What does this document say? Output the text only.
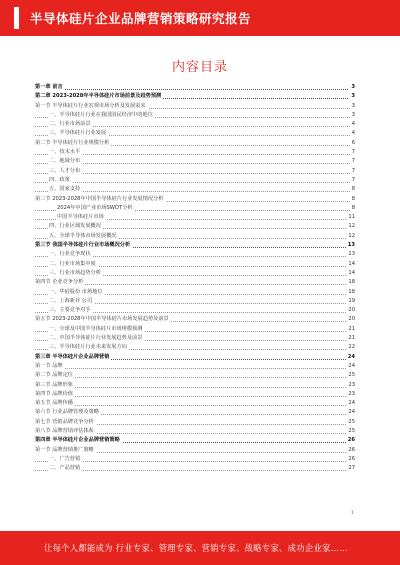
半导体硅片企业品牌营销策略研究报告
内容目录
第一章 前言	3
第二章 2023-2028年半导体硅片市场前景及趋势预测	3
第一节 半导体硅片行业宏观市场分析及发展需求	3
一、半导体硅片行业在我国国民经济中的地位	3
二、行业市场前景	4
三、半导体硅片行业发展	4
第二节 半导体硅片行业规模分析	6
一、技术水平	7
二、地域分布	7
三、人才分布	7
四、政策	7
五、国家支持	8
第三节 2023-2028年中国半导体硅片行业发展情况分析	8
2024年中国产业市场SWOT分析	8
中国半导体硅片市场	11
四、行业区域发展概况	12
五、全球半导体市场发展概况	12
第三节 我国半导体硅片行业市场概况分析	13
一、行业竞争现状	13
二、行业市场集中度	14
三、行业市场趋势分析	14
第四节 企业竞争分析	18
一、华硅股份 市场地位	18
二、上海新昇 公司	19
三、主要竞争对手	20
第五节 2023-2028年中国半导体硅片市场发展趋势及前景	20
一、全球及中国半导体硅片市场规模预测	21
二、中国半导体硅片行业发展趋势及前景	21
三、半导体硅片行业未来发展方向	22
第三章 半导体硅片企业品牌营销	24
第一节 品牌	24
第二节 品牌定位	25
第三节 品牌形象	23
第四节 品牌价值	23
第五节 品牌传播	24
第六节 行业品牌管理及策略	24
第七节 营销品牌竞争分析	25
第八节 品牌营销评估体系	25
第四章 半导体硅片企业品牌营销策略	26
第一节 品牌营销推广策略	26
一、广告营销	26
二、产品营销	27
1
让每个人都能成为 行业专家、管理专家、营销专家、战略专家、成功企业家……
